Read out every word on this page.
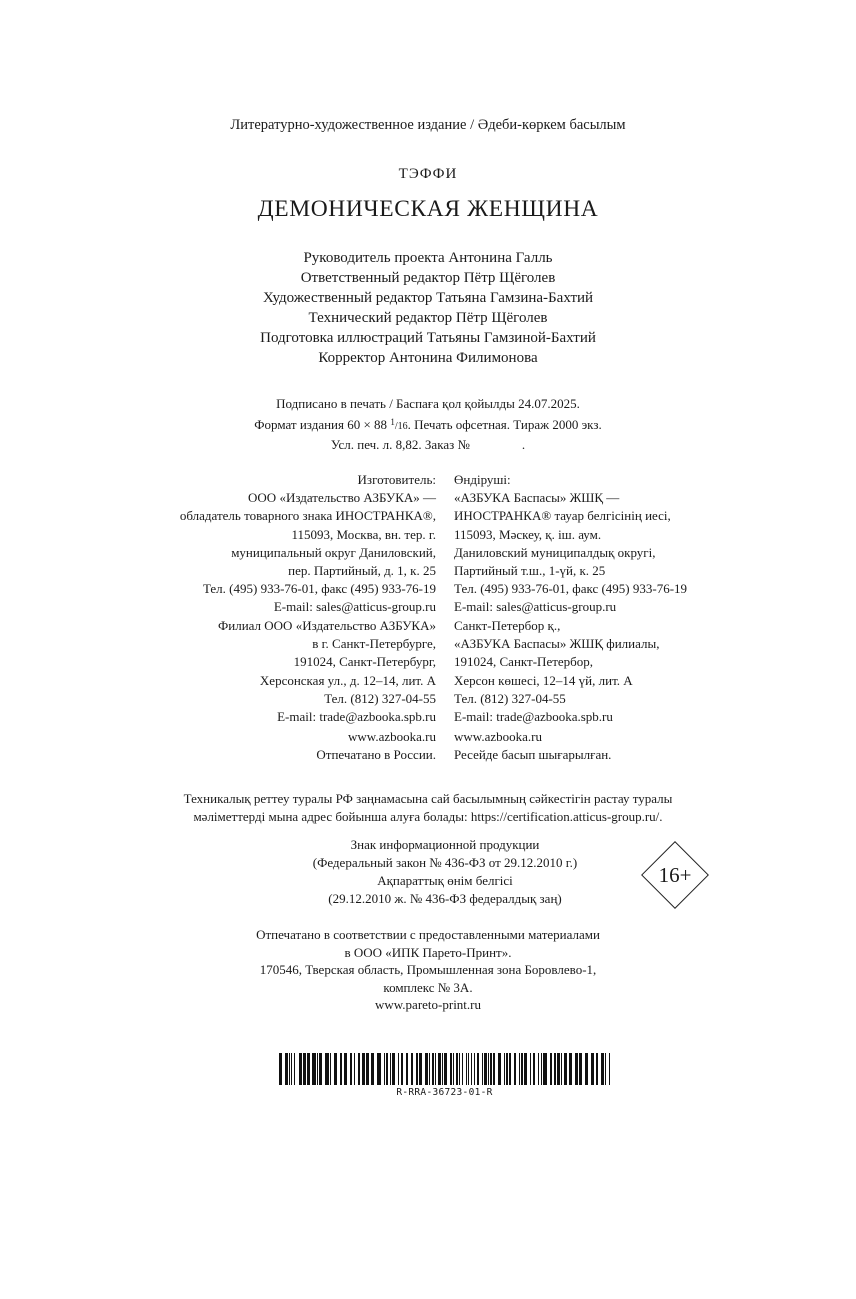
Литературно-художественное издание / Әдеби-көркем басылым
ТЭФФИ
ДЕМОНИЧЕСКАЯ ЖЕНЩИНА
Руководитель проекта Антонина Галль
Ответственный редактор Пётр Щёголев
Художественный редактор Татьяна Гамзина-Бахтий
Технический редактор Пётр Щёголев
Подготовка иллюстраций Татьяны Гамзиной-Бахтий
Корректор Антонина Филимонова
Подписано в печать / Баспаға қол қойылды 24.07.2025.
Формат издания 60 × 88 $^1$/16. Печать офсетная. Тираж 2000 экз.
Усл. печ. л. 8,82. Заказ №                .
Изготовитель:
ООО «Издательство АЗБУКА» —
обладатель товарного знака ИНОСТРАНКА®,
115093, Москва, вн. тер. г.
муниципальный округ Даниловский,
пер. Партийный, д. 1, к. 25
Тел. (495) 933-76-01, факс (495) 933-76-19
E-mail: sales@atticus-group.ru
Өндіруші:
«АЗБУКА Баспасы» ЖШҚ —
ИНОСТРАНКА® тауар белгісінің иесі,
115093, Мәскеу, қ. іш. аум.
Даниловский муниципалдық округі,
Партийный т.ш., 1-үй, к. 25
Тел. (495) 933-76-01, факс (495) 933-76-19
E-mail: sales@atticus-group.ru
Филиал ООО «Издательство АЗБУКА»
в г. Санкт-Петербурге,
191024, Санкт-Петербург,
Херсонская ул., д. 12–14, лит. А
Тел. (812) 327-04-55
E-mail: trade@azbooka.spb.ru
Санкт-Петербор қ.,
«АЗБУКА Баспасы» ЖШҚ филиалы,
191024, Санкт-Петербор,
Херсон көшесі, 12–14 үй, лит. А
Тел. (812) 327-04-55
E-mail: trade@azbooka.spb.ru
www.azbooka.ru
Отпечатано в России.
www.azbooka.ru
Ресейде басып шығарылған.
Техникалық реттеу туралы РФ заңнамасына сай басылымның сәйкестігін растау туралы
мәліметтерді мына адрес бойынша алуға болады: https://certification.atticus-group.ru/.
Знак информационной продукции
(Федеральный закон № 436-ФЗ от 29.12.2010 г.)
Ақпараттық өнім белгісі
(29.12.2010 ж. № 436-ФЗ федералдық заң)
16+
Отпечатано в соответствии с предоставленными материалами
в ООО «ИПК Парето-Принт».
170546, Тверская область, Промышленная зона Боровлево-1,
комплекс № 3А.
www.pareto-print.ru
R-RRA-36723-01-R
